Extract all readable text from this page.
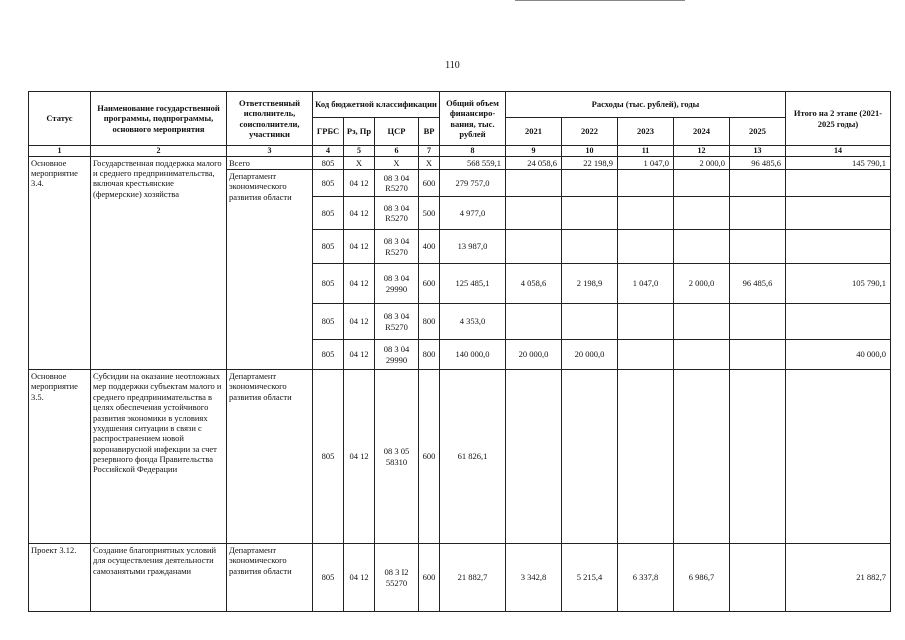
110
Статус	Наименование государственной программы, подпрограммы, основного мероприятия	Ответственный исполнитель, соисполнители, участники	Код бюджетной классификации				Общий объем финансиро-вания, тыс. рублей	Расходы (тыс. рублей), годы					Итого на 2 этапе (2021-2025 годы)
			ГРБС	Рз, Пр	ЦСР	ВР		2021	2022	2023	2024	2025	
1	2	3	4	5	6	7	8	9	10	11	12	13	14
Основное мероприятие 3.4.	Государственная поддержка малого и среднего предпринимательства, включая крестьянские (фермерские) хозяйства	Всего	805	Х	Х	Х	568 559,1	24 058,6	22 198,9	1 047,0	2 000,0	96 485,6	145 790,1
		Департамент экономического развития области	805	04 12	08 3 04 R5270	600	279 757,0						
			805	04 12	08 3 04 R5270	500	4 977,0						
			805	04 12	08 3 04 R5270	400	13 987,0						
			805	04 12	08 3 04 29990	600	125 485,1	4 058,6	2 198,9	1 047,0	2 000,0	96 485,6	105 790,1
			805	04 12	08 3 04 R5270	800	4 353,0						
			805	04 12	08 3 04 29990	800	140 000,0	20 000,0	20 000,0				40 000,0
Основное мероприятие 3.5.	Субсидии на оказание неотложных мер поддержки субъектам малого и среднего предпринимательства в целях обеспечения устойчивого развития экономики в условиях ухудшения ситуации в связи с распространением новой коронавирусной инфекции за счет резервного фонда Правительства Российской Федерации	Департамент экономического развития области	805	04 12	08 3 05 58310	600	61 826,1						
Проект 3.12.	Создание благоприятных условий для осуществления деятельности самозанятыми гражданами	Департамент экономического развития области	805	04 12	08 3 I2 55270	600	21 882,7	3 342,8	5 215,4	6 337,8	6 986,7		21 882,7
